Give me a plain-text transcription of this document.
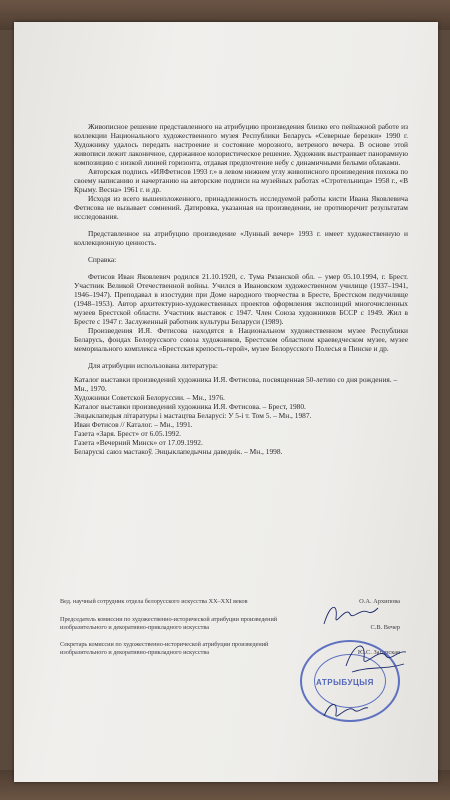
Живописное решение представленного на атрибуцию произведения близко его пейзажной работе из коллекции Национального художественного музея Республики Беларусь «Северные березки» 1990 г. Художнику удалось передать настроение и состояние морозного, ветреного вечера. В основе этой живописи лежит лаконичное, сдержанное колористическое решение. Художник выстраивает панорамную композицию с низкой линией горизонта, отдавая предпочтение небу с динамичными белыми облаками.
Авторская подпись «ИЯФетисов 1993 г.» в левом нижнем углу живописного произведения похожа по своему написанию и начертанию на авторские подписи на музейных работах «Стротельница» 1958 г., «В Крыму. Весна» 1961 г. и др.
Исходя из всего вышеизложенного, принадлежность исследуемой работы кисти Ивана Яковлевича Фетисова не вызывает сомнений. Датировка, указанная на произведении, не противоречит результатам исследования.
Представленное на атрибуцию произведение «Лунный вечер» 1993 г. имеет художественную и коллекционную ценность.
Справка:
Фетисов Иван Яковлевич родился 21.10.1920, с. Тума Рязанской обл. – умер 05.10.1994, г. Брест. Участник Великой Отечественной войны. Учился в Ивановском художественном училище (1937–1941, 1946–1947). Преподавал в изостудии при Доме народного творчества в Бресте, Брестском педучилище (1948–1953). Автор архитектурно-художественных проектов оформления экспозиций многочисленных музеев Брестской области. Участник выставок с 1947. Член Союза художников БССР с 1949. Жил в Бресте с 1947 г. Заслуженный работник культуры Беларуси (1989).
Произведения И.Я. Фетисова находятся в Национальном художественном музее Республики Беларусь, фондах Белорусского союза художников, Брестском областном краеведческом музее, музее мемориального комплекса «Брестская крепость-герой», музее Белорусского Полесья в Пинске и др.
Для атрибуции использована литература:
Каталог выставки произведений художника И.Я. Фетисова, посвященная 50-летию со дня рождения. – Мн., 1970.
Художники Советской Белоруссии. – Мн., 1976.
Каталог выставки произведений художника И.Я. Фетисова. – Брест, 1980.
Энцыклапедыя літаратуры і мастацтва Беларусі: У 5-і т. Том 5. – Мн., 1987.
Иван Фетисов // Каталог. – Мн., 1991.
Газета «Заря. Брест» от 6.05.1992.
Газета «Вечерний Минск» от 17.09.1992.
Беларускі саюз мастакоў. Энцыклапедычны даведнік. – Мн., 1998.
Вед. научный сотрудник отдела белорусского искусства XX–XXI веков	О.А. Архипова
Председатель комиссии по художественно-исторической атрибуции произведений изобразительного и декоративно-прикладного искусства	С.В. Вечер
Секретарь комиссии по художественно-исторической атрибуции произведений изобразительного и декоративно-прикладного искусства	Ю.С. Загорская
АТРЫБУЦЫЯ
